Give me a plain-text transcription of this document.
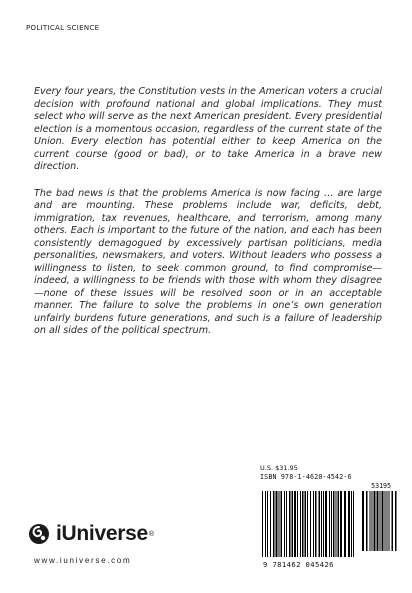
POLITICAL SCIENCE

Every four years, the Constitution vests in the American voters a crucial decision with profound national and global implications. They must select who will serve as the next American president. Every presidential election is a momentous occasion, regardless of the current state of the Union. Every election has potential either to keep America on the current course (good or bad), or to take America in a brave new direction.

The bad news is that the problems America is now facing … are large and are mounting. These problems include war, deficits, debt, immigration, tax revenues, healthcare, and terrorism, among many others. Each is important to the future of the nation, and each has been consistently demagogued by excessively partisan politicians, media personalities, newsmakers, and voters. Without leaders who possess a willingness to listen, to seek common ground, to find compromise—indeed, a willingness to be friends with those with whom they disagree—none of these issues will be resolved soon or in an acceptable manner. The failure to solve the problems in one’s own generation unfairly burdens future generations, and such is a failure of leadership on all sides of the political spectrum.

U.S. $31.95
ISBN 978-1-4620-4542-6
53195
9 781462 045426
iUniverse ®
www.iuniverse.com
